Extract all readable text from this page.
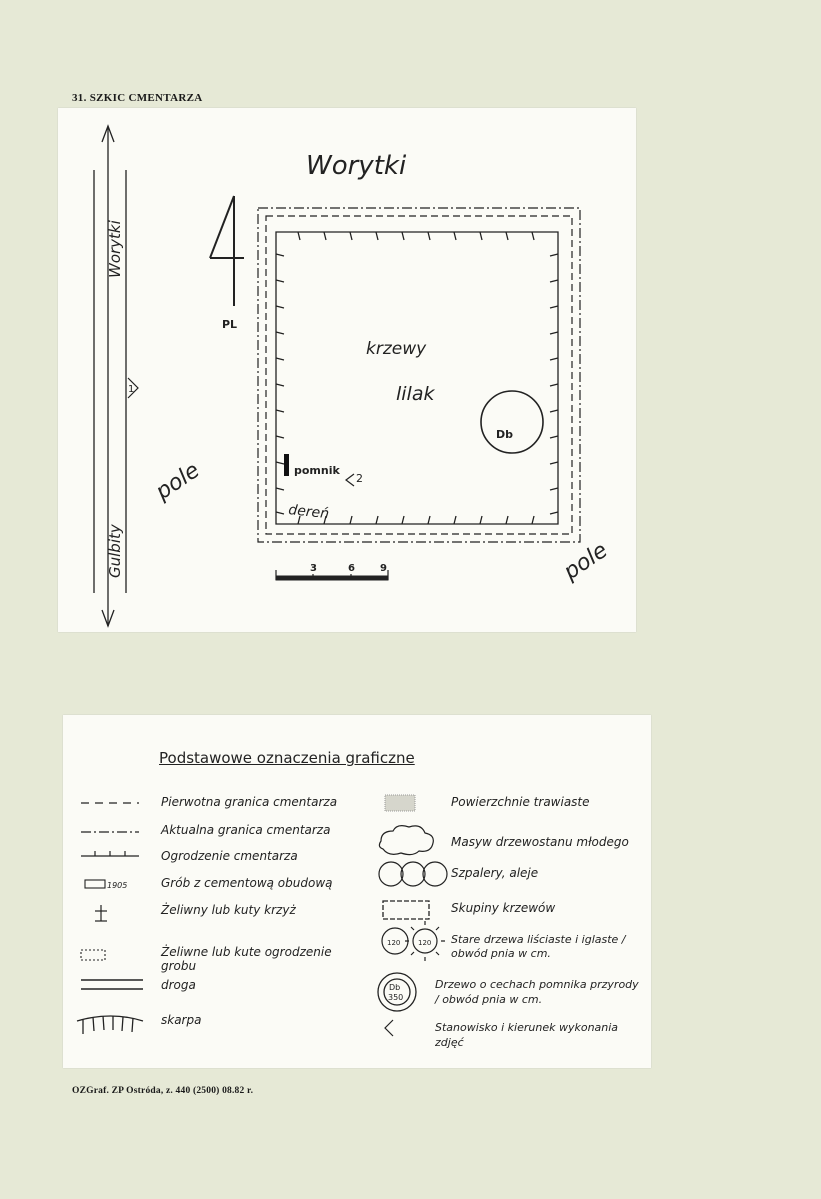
31. SZKIC CMENTARZA
Worytki
Gulbity
1
Worytki
PL
krzewy
lilak
Db
pomnik
2
dereń
pole
pole
3	6	9
1905
120	120
Db
350
Podstawowe oznaczenia graficzne
Pierwotna granica cmentarza
Aktualna granica cmentarza
Ogrodzenie cmentarza
Grób z cementową obudową
Żeliwny lub kuty krzyż
Żeliwne lub kute ogrodzenie grobu
droga
skarpa
Powierzchnie trawiaste
Masyw drzewostanu młodego
Szpalery, aleje
Skupiny krzewów
Stare drzewa liściaste i iglaste / obwód pnia w cm.
Drzewo o cechach pomnika przyrody / obwód pnia w cm.
Stanowisko i kierunek wykonania zdjęć
OZGraf. ZP Ostróda, z. 440 (2500) 08.82 r.
